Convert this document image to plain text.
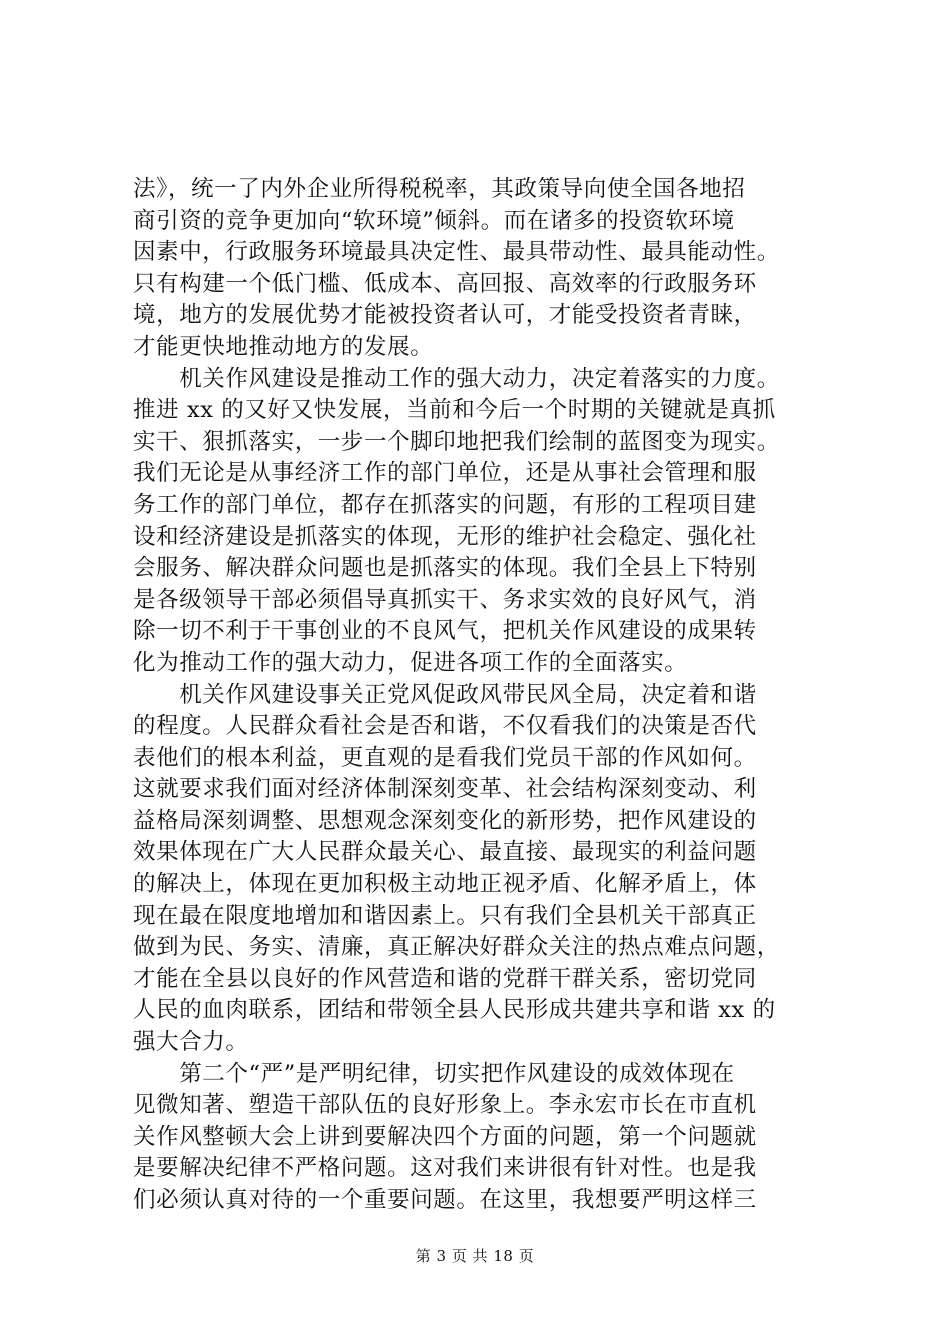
法》，统一了内外企业所得税税率，其政策导向使全国各地招
商引资的竞争更加向“软环境”倾斜。而在诸多的投资软环境
因素中，行政服务环境最具决定性、最具带动性、最具能动性。
只有构建一个低门槛、低成本、高回报、高效率的行政服务环
境，地方的发展优势才能被投资者认可，才能受投资者青睐，
才能更快地推动地方的发展。
　　机关作风建设是推动工作的强大动力，决定着落实的力度。
推进 xx 的又好又快发展，当前和今后一个时期的关键就是真抓
实干、狠抓落实，一步一个脚印地把我们绘制的蓝图变为现实。
我们无论是从事经济工作的部门单位，还是从事社会管理和服
务工作的部门单位，都存在抓落实的问题，有形的工程项目建
设和经济建设是抓落实的体现，无形的维护社会稳定、强化社
会服务、解决群众问题也是抓落实的体现。我们全县上下特别
是各级领导干部必须倡导真抓实干、务求实效的良好风气，消
除一切不利于干事创业的不良风气，把机关作风建设的成果转
化为推动工作的强大动力，促进各项工作的全面落实。
　　机关作风建设事关正党风促政风带民风全局，决定着和谐
的程度。人民群众看社会是否和谐，不仅看我们的决策是否代
表他们的根本利益，更直观的是看我们党员干部的作风如何。
这就要求我们面对经济体制深刻变革、社会结构深刻变动、利
益格局深刻调整、思想观念深刻变化的新形势，把作风建设的
效果体现在广大人民群众最关心、最直接、最现实的利益问题
的解决上，体现在更加积极主动地正视矛盾、化解矛盾上，体
现在最在限度地增加和谐因素上。只有我们全县机关干部真正
做到为民、务实、清廉，真正解决好群众关注的热点难点问题，
才能在全县以良好的作风营造和谐的党群干群关系，密切党同
人民的血肉联系，团结和带领全县人民形成共建共享和谐 xx 的
强大合力。
　　第二个“严”是严明纪律，切实把作风建设的成效体现在
见微知著、塑造干部队伍的良好形象上。李永宏市长在市直机
关作风整顿大会上讲到要解决四个方面的问题，第一个问题就
是要解决纪律不严格问题。这对我们来讲很有针对性。也是我
们必须认真对待的一个重要问题。在这里，我想要严明这样三
第 3 页 共 18 页
